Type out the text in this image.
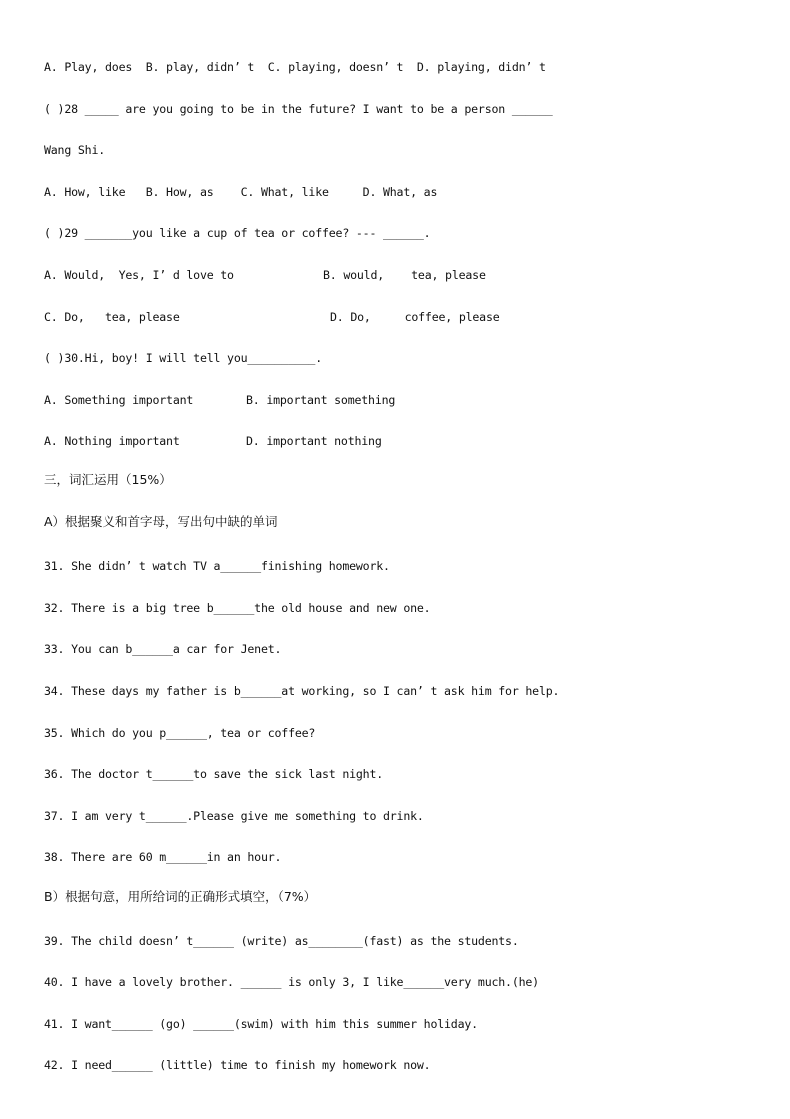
A. Play, does  B. play, didn’ t  C. playing, doesn’ t  D. playing, didn’ t
( )28 _____ are you going to be in the future? I want to be a person ______
Wang Shi.
A. How, like   B. How, as    C. What, like     D. What, as
( )29 _______you like a cup of tea or coffee? --- ______.

A. Would,  Yes, I’ d love to

	B. would,    tea, please

C. Do,   tea, please

	D. Do,     coffee, please

( )30.Hi, boy! I will tell you__________.

A. Something important

	B. important something

A. Nothing important

	D. important nothing

三，词汇运用（15%）
A）根据聚义和首字母，写出句中缺的单词
31. She didn’ t watch TV a______finishing homework.
32. There is a big tree b______the old house and new one.
33. You can b______a car for Jenet.
34. These days my father is b______at working, so I can’ t ask him for help.
35. Which do you p______, tea or coffee?
36. The doctor t______to save the sick last night.
37. I am very t______.Please give me something to drink.
38. There are 60 m______in an hour.
B）根据句意，用所给词的正确形式填空，（7%）
39. The child doesn’ t______ (write) as________(fast) as the students.
40. I have a lovely brother. ______ is only 3, I like______very much.(he)
41. I want______ (go) ______(swim) with him this summer holiday.
42. I need______ (little) time to finish my homework now.
